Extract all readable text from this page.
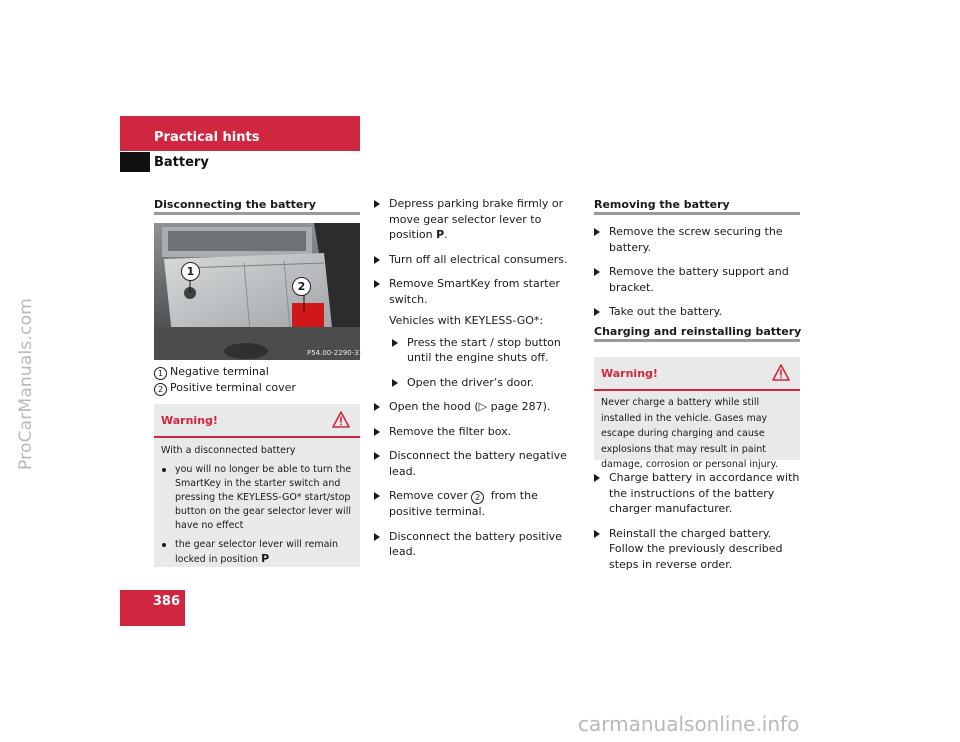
ProCarManuals.com
carmanualsonline.info
Practical hints
Battery
Disconnecting the battery
1
2
P54.00-2290-31
1 Negative terminal
2 Positive terminal cover
Warning!
With a disconnected battery
you will no longer be able to turn the SmartKey in the starter switch and pressing the KEYLESS-GO* start/stop button on the gear selector lever will have no effect
the gear selector lever will remain locked in position P
Depress parking brake firmly or move gear selector lever to position P.
Turn off all electrical consumers.
Remove SmartKey from starter switch.
Vehicles with KEYLESS-GO*:
Press the start / stop button until the engine shuts off.
Open the driver’s door.
Open the hood (▷ page 287).
Remove the filter box.
Disconnect the battery negative lead.
Remove cover 2 from the positive terminal.
Disconnect the battery positive lead.
Removing the battery
Remove the screw securing the battery.
Remove the battery support and bracket.
Take out the battery.
Charging and reinstalling battery
Warning!
Never charge a battery while still installed in the vehicle. Gases may escape during charging and cause explosions that may result in paint damage, corrosion or personal injury.
Charge battery in accordance with the instructions of the battery charger manufacturer.
Reinstall the charged battery. Follow the previously described steps in reverse order.
386
